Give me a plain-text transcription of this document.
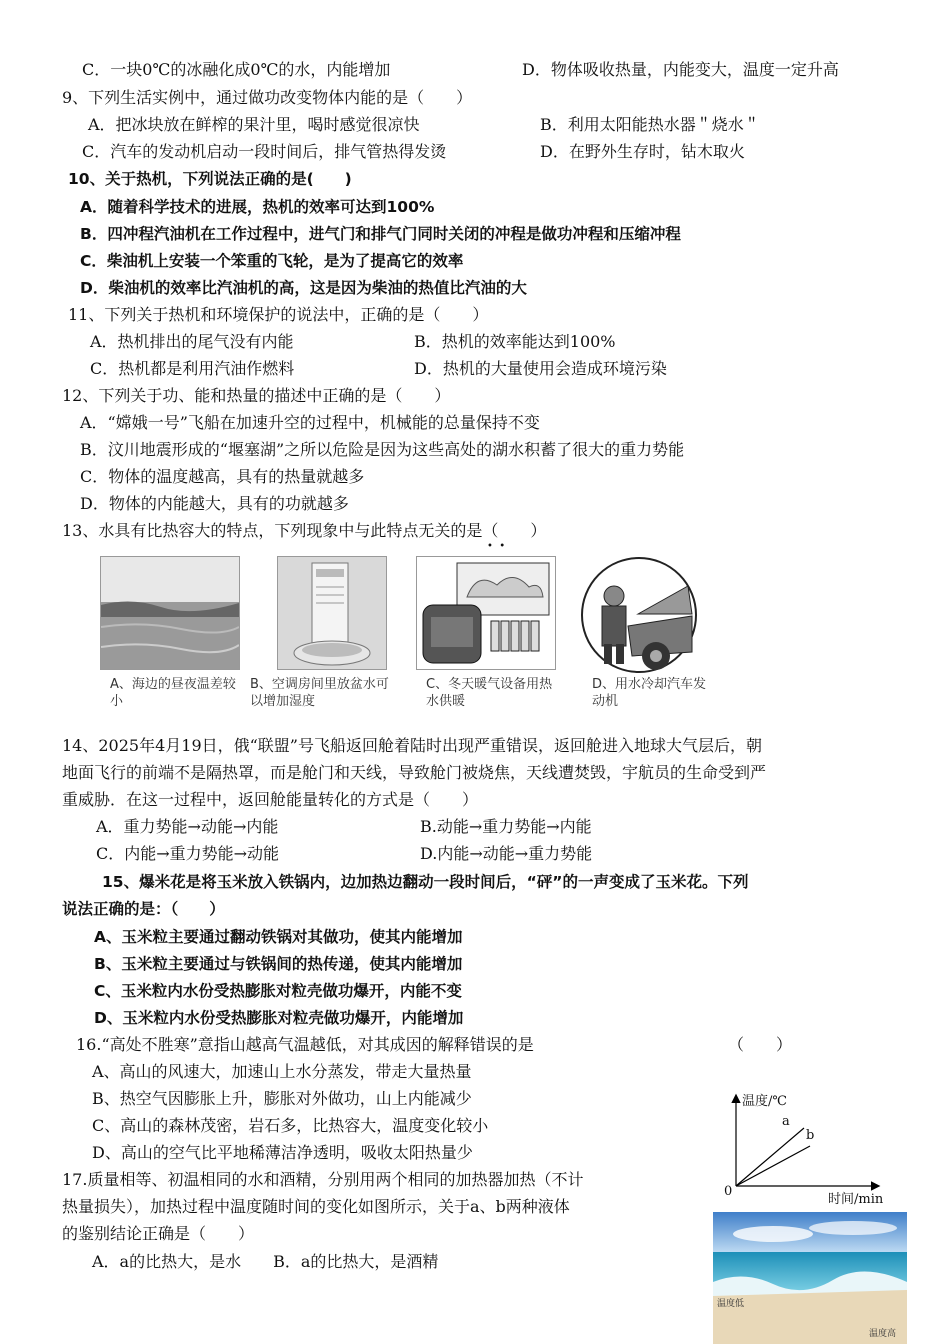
C．一块0℃的冰融化成0℃的水，内能增加	D．物体吸收热量，内能变大，温度一定升高
9、下列生活实例中，通过做功改变物体内能的是（　　）
A．把冰块放在鲜榨的果汁里，喝时感觉很凉快	B．利用太阳能热水器＂烧水＂
C．汽车的发动机启动一段时间后，排气管热得发烫	D．在野外生存时，钻木取火
10、关于热机，下列说法正确的是(　　)
A．随着科学技术的进展，热机的效率可达到100%
B．四冲程汽油机在工作过程中，进气门和排气门同时关闭的冲程是做功冲程和压缩冲程
C．柴油机上安装一个笨重的飞轮，是为了提高它的效率
D．柴油机的效率比汽油机的高，这是因为柴油的热值比汽油的大
11、下列关于热机和环境保护的说法中，正确的是（　　）
A．热机排出的尾气没有内能	B．热机的效率能达到100%
C．热机都是利用汽油作燃料	D．热机的大量使用会造成环境污染
12、下列关于功、能和热量的描述中正确的是（　　）
A．“嫦娥一号”飞船在加速升空的过程中，机械能的总量保持不变
B．汶川地震形成的“堰塞湖”之所以危险是因为这些高处的湖水积蓄了很大的重力势能
C．物体的温度越高，具有的热量就越多
D．物体的内能越大，具有的功就越多
13、水具有比热容大的特点，下列现象中与此特点无关的是（　　）
•  •
A、海边的昼夜温差较小
B、空调房间里放盆水可以增加湿度
C、冬天暖气设备用热水供暖
D、用水冷却汽车发动机
14、2025年4月19日，俄“联盟”号飞船返回舱着陆时出现严重错误，返回舱进入地球大气层后，朝
地面飞行的前端不是隔热罩，而是舱门和天线，导致舱门被烧焦，天线遭焚毁，宇航员的生命受到严
重威胁．在这一过程中，返回舱能量转化的方式是（　　）
A．重力势能→动能→内能	B.动能→重力势能→内能
C．内能→重力势能→动能	D.内能→动能→重力势能
15、爆米花是将玉米放入铁锅内，边加热边翻动一段时间后，“砰”的一声变成了玉米花。下列
说法正确的是：（　　）
A、玉米粒主要通过翻动铁锅对其做功，使其内能增加
B、玉米粒主要通过与铁锅间的热传递，使其内能增加
C、玉米粒内水份受热膨胀对粒壳做功爆开，内能不变
D、玉米粒内水份受热膨胀对粒壳做功爆开，内能增加
16.“高处不胜寒”意指山越高气温越低，对其成因的解释错误的是	（　　）
A、高山的风速大，加速山上水分蒸发，带走大量热量
B、热空气因膨胀上升，膨胀对外做功，山上内能减少
C、高山的森林茂密，岩石多，比热容大，温度变化较小
D、高山的空气比平地稀薄洁净透明，吸收太阳热量少
17.质量相等、初温相同的水和酒精，分别用两个相同的加热器加热（不计
热量损失），加热过程中温度随时间的变化如图所示，关于a、b两种液体
的鉴别结论正确是（　　）
A．a的比热大，是水　　B．a的比热大，是酒精
温度/℃
时间/min
0
a
b
温度低
温度高
